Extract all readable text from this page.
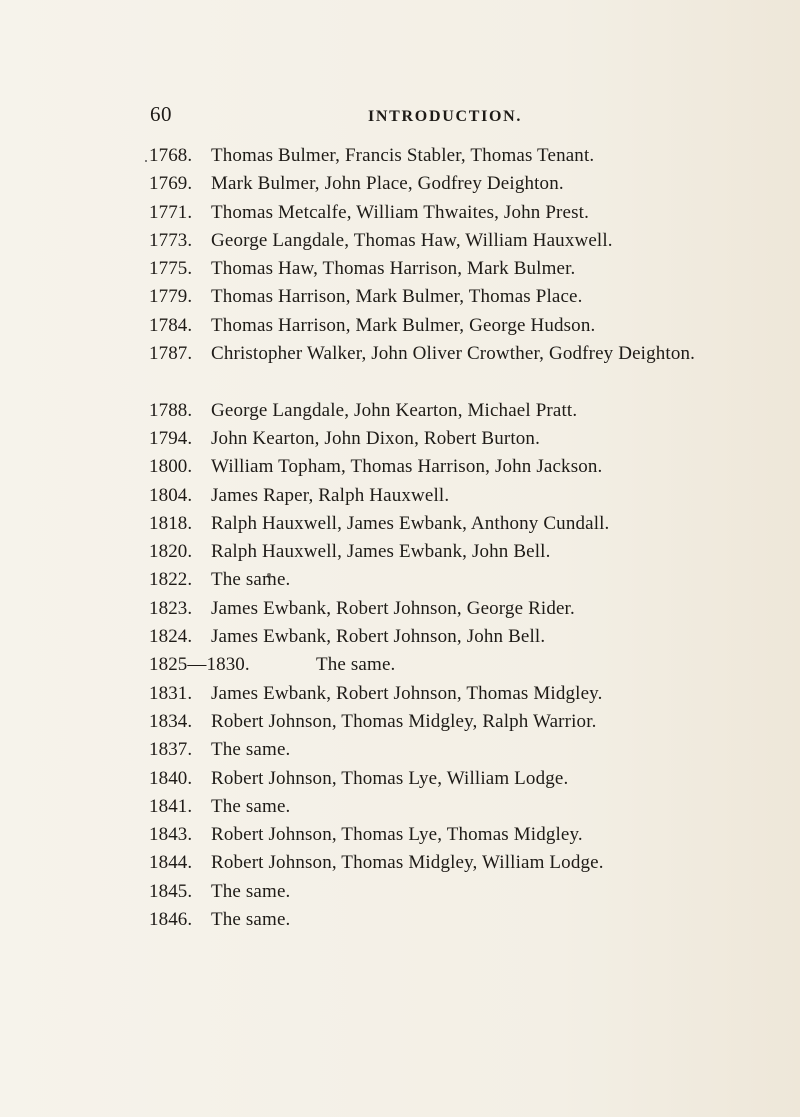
60	INTRODUCTION.
1768. Thomas Bulmer, Francis Stabler, Thomas Tenant.
1769. Mark Bulmer, John Place, Godfrey Deighton.
1771. Thomas Metcalfe, William Thwaites, John Prest.
1773. George Langdale, Thomas Haw, William Hauxwell.
1775. Thomas Haw, Thomas Harrison, Mark Bulmer.
1779. Thomas Harrison, Mark Bulmer, Thomas Place.
1784. Thomas Harrison, Mark Bulmer, George Hudson.
1787. Christopher Walker, John Oliver Crowther, Godfrey Deighton.
1788. George Langdale, John Kearton, Michael Pratt.
1794. John Kearton, John Dixon, Robert Burton.
1800. William Topham, Thomas Harrison, John Jackson.
1804. James Raper, Ralph Hauxwell.
1818. Ralph Hauxwell, James Ewbank, Anthony Cundall.
1820. Ralph Hauxwell, James Ewbank, John Bell.
1822. The same.
1823. James Ewbank, Robert Johnson, George Rider.
1824. James Ewbank, Robert Johnson, John Bell.
1825—1830.	The same.
1831. James Ewbank, Robert Johnson, Thomas Midgley.
1834. Robert Johnson, Thomas Midgley, Ralph Warrior.
1837. The same.
1840. Robert Johnson, Thomas Lye, William Lodge.
1841. The same.
1843. Robert Johnson, Thomas Lye, Thomas Midgley.
1844. Robert Johnson, Thomas Midgley, William Lodge.
1845. The same.
1846. The same.
